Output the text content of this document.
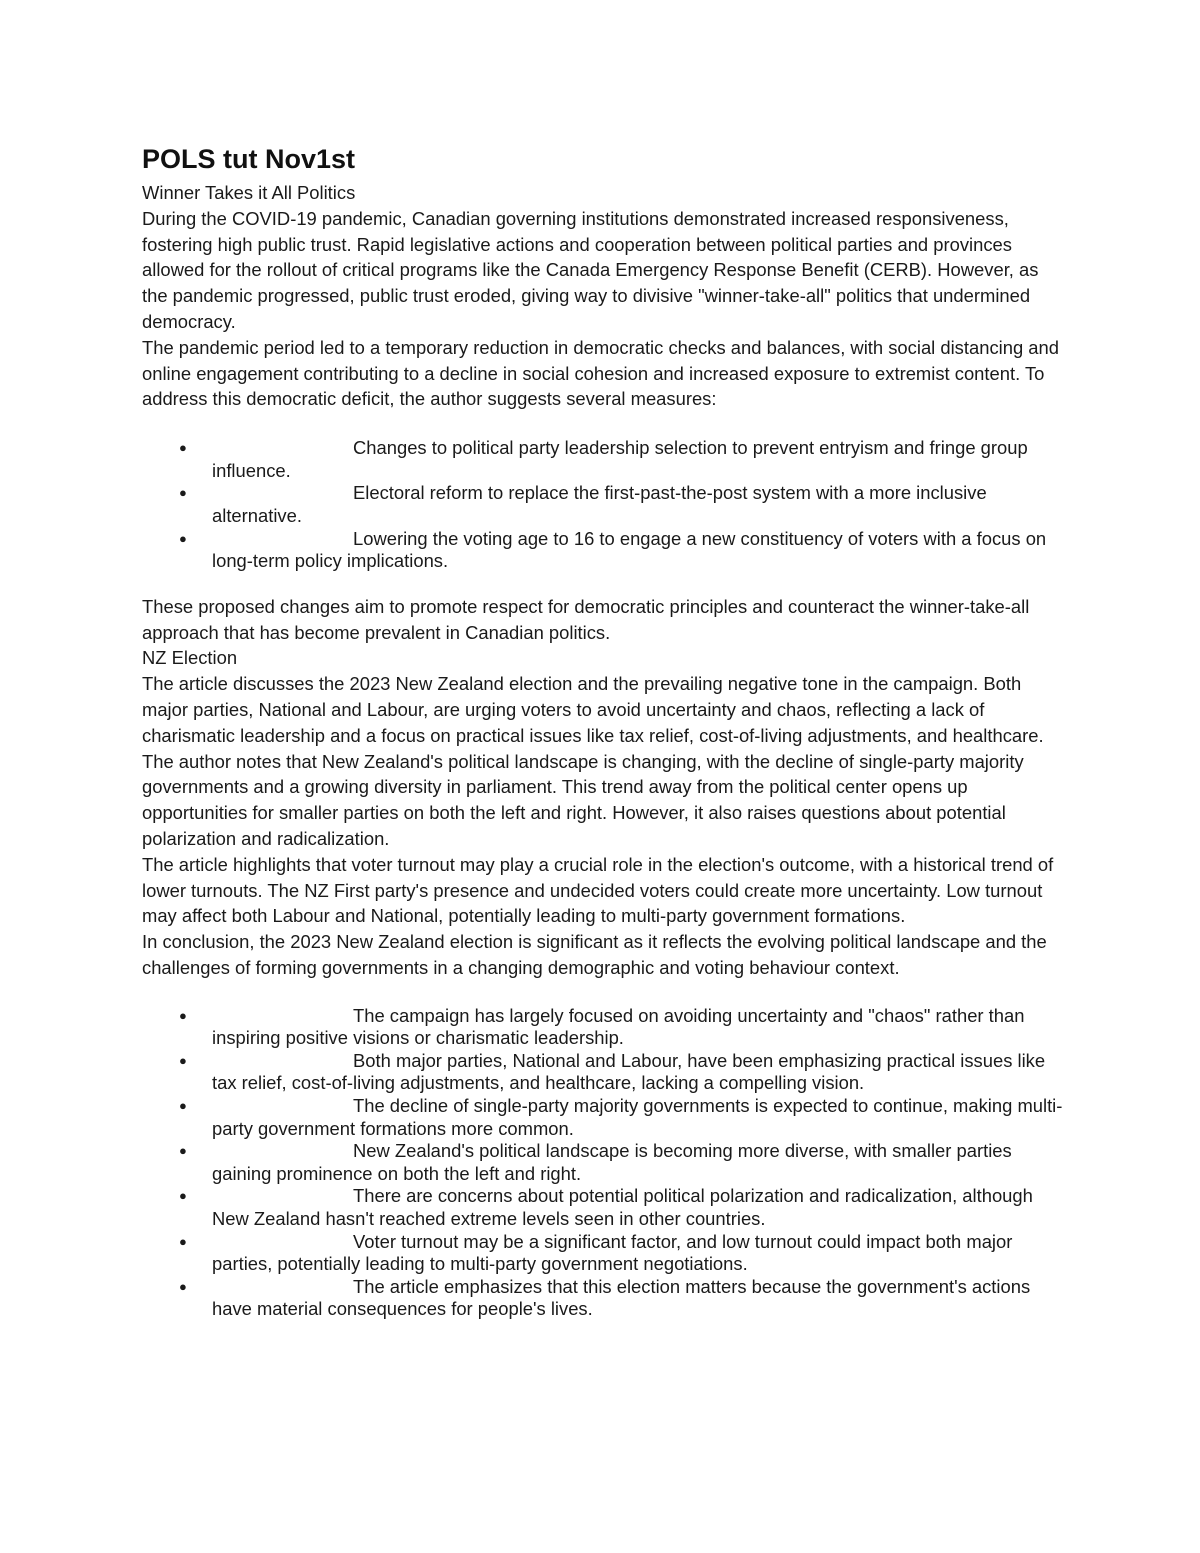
POLS tut Nov1st

Winner Takes it All Politics

During the COVID-19 pandemic, Canadian governing institutions demonstrated increased responsiveness, fostering high public trust. Rapid legislative actions and cooperation between political parties and provinces allowed for the rollout of critical programs like the Canada Emergency Response Benefit (CERB). However, as the pandemic progressed, public trust eroded, giving way to divisive "winner-take-all" politics that undermined democracy.

The pandemic period led to a temporary reduction in democratic checks and balances, with social distancing and online engagement contributing to a decline in social cohesion and increased exposure to extremist content. To address this democratic deficit, the author suggests several measures:

●	Changes to political party leadership selection to prevent entryism and fringe group influence.
●	Electoral reform to replace the first-past-the-post system with a more inclusive alternative.
●	Lowering the voting age to 16 to engage a new constituency of voters with a focus on long-term policy implications.

These proposed changes aim to promote respect for democratic principles and counteract the winner-take-all approach that has become prevalent in Canadian politics.

NZ Election

The article discusses the 2023 New Zealand election and the prevailing negative tone in the campaign. Both major parties, National and Labour, are urging voters to avoid uncertainty and chaos, reflecting a lack of charismatic leadership and a focus on practical issues like tax relief, cost-of-living adjustments, and healthcare.

The author notes that New Zealand's political landscape is changing, with the decline of single-party majority governments and a growing diversity in parliament. This trend away from the political center opens up opportunities for smaller parties on both the left and right. However, it also raises questions about potential polarization and radicalization.

The article highlights that voter turnout may play a crucial role in the election's outcome, with a historical trend of lower turnouts. The NZ First party's presence and undecided voters could create more uncertainty. Low turnout may affect both Labour and National, potentially leading to multi-party government formations.

In conclusion, the 2023 New Zealand election is significant as it reflects the evolving political landscape and the challenges of forming governments in a changing demographic and voting behaviour context.

●	The campaign has largely focused on avoiding uncertainty and "chaos" rather than inspiring positive visions or charismatic leadership.
●	Both major parties, National and Labour, have been emphasizing practical issues like tax relief, cost-of-living adjustments, and healthcare, lacking a compelling vision.
●	The decline of single-party majority governments is expected to continue, making multi-party government formations more common.
●	New Zealand's political landscape is becoming more diverse, with smaller parties gaining prominence on both the left and right.
●	There are concerns about potential political polarization and radicalization, although New Zealand hasn't reached extreme levels seen in other countries.
●	Voter turnout may be a significant factor, and low turnout could impact both major parties, potentially leading to multi-party government negotiations.
●	The article emphasizes that this election matters because the government's actions have material consequences for people's lives.
